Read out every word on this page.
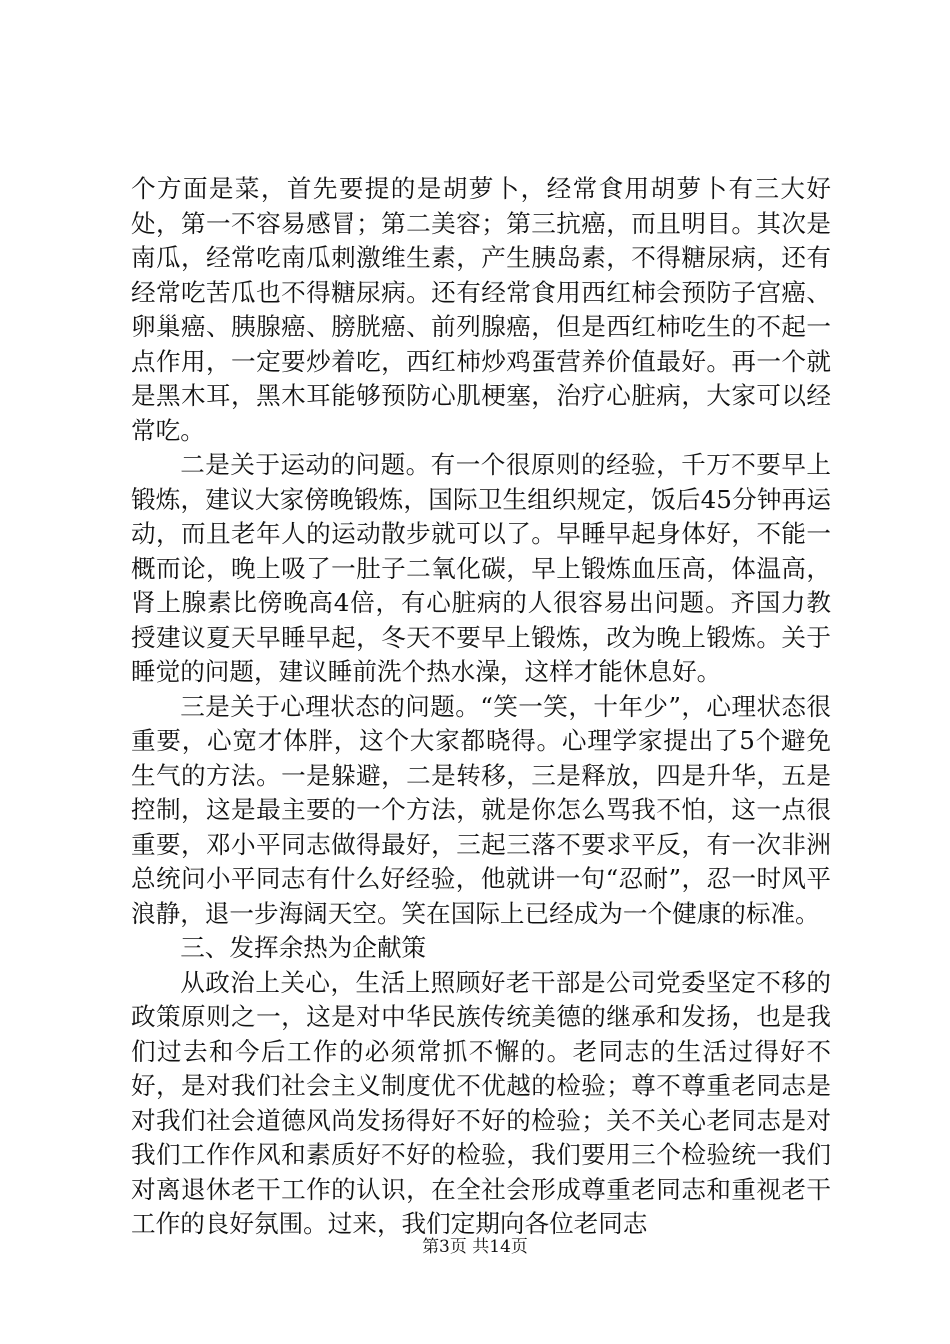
个方面是菜，首先要提的是胡萝卜，经常食用胡萝卜有三大好处，第一不容易感冒；第二美容；第三抗癌，而且明目。其次是南瓜，经常吃南瓜刺激维生素，产生胰岛素，不得糖尿病，还有经常吃苦瓜也不得糖尿病。还有经常食用西红柿会预防子宫癌、卵巢癌、胰腺癌、膀胱癌、前列腺癌，但是西红柿吃生的不起一点作用，一定要炒着吃，西红柿炒鸡蛋营养价值最好。再一个就是黑木耳，黑木耳能够预防心肌梗塞，治疗心脏病，大家可以经常吃。

二是关于运动的问题。有一个很原则的经验，千万不要早上锻炼，建议大家傍晚锻炼，国际卫生组织规定，饭后45分钟再运动，而且老年人的运动散步就可以了。早睡早起身体好，不能一概而论，晚上吸了一肚子二氧化碳，早上锻炼血压高，体温高，肾上腺素比傍晚高4倍，有心脏病的人很容易出问题。齐国力教授建议夏天早睡早起，冬天不要早上锻炼，改为晚上锻炼。关于睡觉的问题，建议睡前洗个热水澡，这样才能休息好。

三是关于心理状态的问题。“笑一笑，十年少”，心理状态很重要，心宽才体胖，这个大家都晓得。心理学家提出了5个避免生气的方法。一是躲避，二是转移，三是释放，四是升华，五是控制，这是最主要的一个方法，就是你怎么骂我不怕，这一点很重要，邓小平同志做得最好，三起三落不要求平反，有一次非洲总统问小平同志有什么好经验，他就讲一句“忍耐”，忍一时风平浪静，退一步海阔天空。笑在国际上已经成为一个健康的标准。

三、发挥余热为企献策

从政治上关心，生活上照顾好老干部是公司党委坚定不移的政策原则之一，这是对中华民族传统美德的继承和发扬，也是我们过去和今后工作的必须常抓不懈的。老同志的生活过得好不好，是对我们社会主义制度优不优越的检验；尊不尊重老同志是对我们社会道德风尚发扬得好不好的检验；关不关心老同志是对我们工作作风和素质好不好的检验，我们要用三个检验统一我们对离退休老干工作的认识，在全社会形成尊重老同志和重视老干工作的良好氛围。过来，我们定期向各位老同志

第3页 共14页
